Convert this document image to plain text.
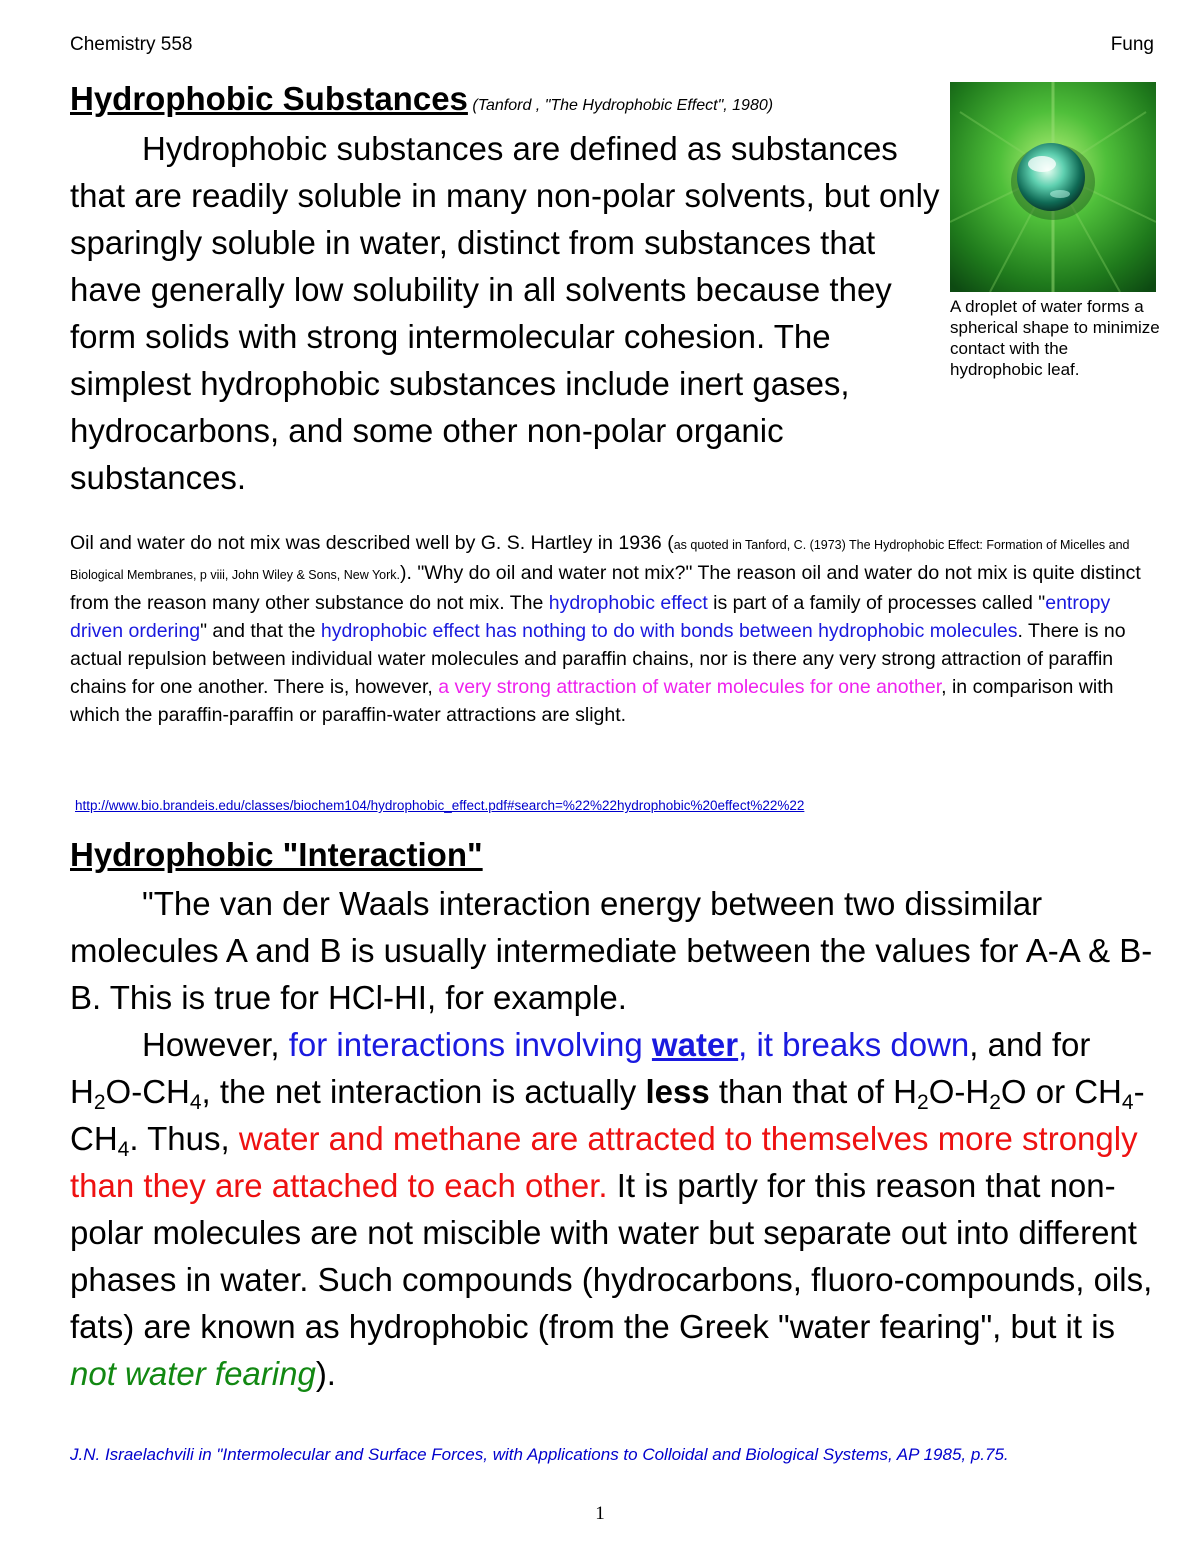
Chemistry 558	Fung
Hydrophobic Substances (Tanford , "The Hydrophobic Effect", 1980)
Hydrophobic substances are defined as substances that are readily soluble in many non-polar solvents, but only sparingly soluble in water, distinct from substances that have generally low solubility in all solvents because they form solids with strong intermolecular cohesion. The simplest hydrophobic substances include inert gases, hydrocarbons, and some other non-polar organic substances.
A droplet of water forms a spherical shape to minimize contact with the hydrophobic leaf.
Oil and water do not mix was described well by G. S. Hartley in 1936 (as quoted in Tanford, C. (1973) The Hydrophobic Effect: Formation of Micelles and Biological Membranes, p viii, John Wiley & Sons, New York.). "Why do oil and water not mix?" The reason oil and water do not mix is quite distinct from the reason many other substance do not mix. The hydrophobic effect is part of a family of processes called "entropy driven ordering" and that the hydrophobic effect has nothing to do with bonds between hydrophobic molecules. There is no actual repulsion between individual water molecules and paraffin chains, nor is there any very strong attraction of paraffin chains for one another. There is, however, a very strong attraction of water molecules for one another, in comparison with which the paraffin-paraffin or paraffin-water attractions are slight.
http://www.bio.brandeis.edu/classes/biochem104/hydrophobic_effect.pdf#search=%22%22hydrophobic%20effect%22%22
Hydrophobic "Interaction"
"The van der Waals interaction energy between two dissimilar molecules A and B is usually intermediate between the values for A-A & B-B. This is true for HCl-HI, for example.
However, for interactions involving water, it breaks down, and for $H_2O-CH_4$, the net interaction is actually less than that of $H_2O-H_2O$ or $CH_4-CH_4$. Thus, water and methane are attracted to themselves more strongly than they are attached to each other. It is partly for this reason that non-polar molecules are not miscible with water but separate out into different phases in water. Such compounds (hydrocarbons, fluoro-compounds, oils, fats) are known as hydrophobic (from the Greek "water fearing", but it is not water fearing).
J.N. Israelachvili in "Intermolecular and Surface Forces, with Applications to Colloidal and Biological Systems, AP 1985, p.75.
1
